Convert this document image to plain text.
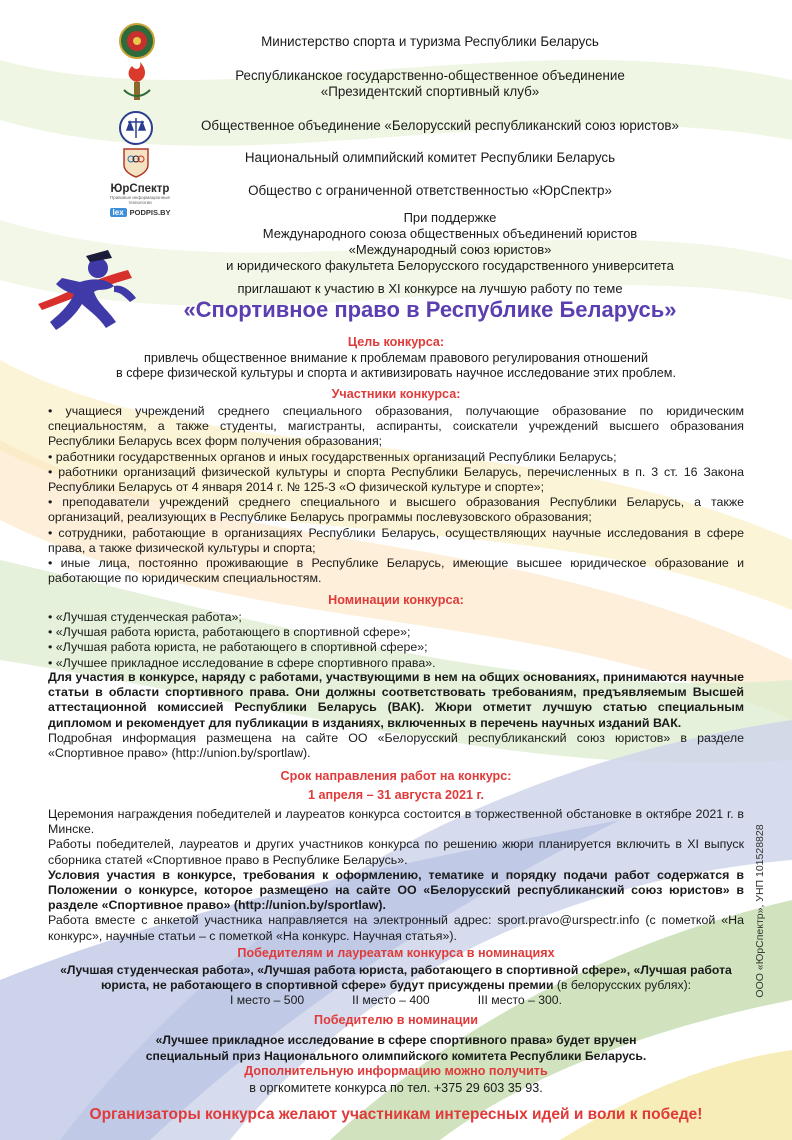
ЮрСпектр
Правовые информационные технологии
lex PODPIS.BY
Министерство спорта и туризма Республики Беларусь
Республиканское государственно-общественное объединение
«Президентский спортивный клуб»
Общественное объединение «Белорусский республиканский союз юристов»
Национальный олимпийский комитет Республики Беларусь
Общество с ограниченной ответственностью «ЮрСпектр»
При поддержке
Международного союза общественных объединений юристов
«Международный союз юристов»
и юридического факультета Белорусского государственного университета
приглашают к участию в XI конкурсе на лучшую работу по теме
«Спортивное право в Республике Беларусь»
Цель конкурса:
привлечь общественное внимание к проблемам правового регулирования отношений
в сфере физической культуры и спорта и активизировать научное исследование этих проблем.
Участники конкурса:
• учащиеся учреждений среднего специального образования, получающие образование по юридическим специальностям, а также студенты, магистранты, аспиранты, соискатели учреждений высшего образования Республики Беларусь всех форм получения образования;
• работники государственных органов и иных государственных организаций Республики Беларусь;
• работники организаций физической культуры и спорта Республики Беларусь, перечисленных в п. 3 ст. 16 Закона Республики Беларусь от 4 января 2014 г. № 125-З «О физической культуре и спорте»;
• преподаватели учреждений среднего специального и высшего образования Республики Беларусь, а также организаций, реализующих в Республике Беларусь программы послевузовского образования;
• сотрудники, работающие в организациях Республики Беларусь, осуществляющих научные исследования в сфере права, а также физической культуры и спорта;
• иные лица, постоянно проживающие в Республике Беларусь, имеющие высшее юридическое образование и работающие по юридическим специальностям.
Номинации конкурса:
• «Лучшая студенческая работа»;
• «Лучшая работа юриста, работающего в спортивной сфере»;
• «Лучшая работа юриста, не работающего в спортивной сфере»;
• «Лучшее прикладное исследование в сфере спортивного права».
Для участия в конкурсе, наряду с работами, участвующими в нем на общих основаниях, принимаются научные статьи в области спортивного права. Они должны соответствовать требованиям, предъявляемым Высшей аттестационной комиссией Республики Беларусь (ВАК). Жюри отметит лучшую статью специальным дипломом и рекомендует для публикации в изданиях, включенных в перечень научных изданий ВАК.
Подробная информация размещена на сайте ОО «Белорусский республиканский союз юристов» в разделе «Спортивное право» (http://union.by/sportlaw).
Срок направления работ на конкурс:
1 апреля – 31 августа 2021 г.
Церемония награждения победителей и лауреатов конкурса состоится в торжественной обстановке в октябре 2021 г. в Минске.
Работы победителей, лауреатов и других участников конкурса по решению жюри планируется включить в XI выпуск сборника статей «Спортивное право в Республике Беларусь».
Условия участия в конкурсе, требования к оформлению, тематике и порядку подачи работ содержатся в Положении о конкурсе, которое размещено на сайте ОО «Белорусский республиканский союз юристов» в разделе «Спортивное право» (http://union.by/sportlaw).
Работа вместе с анкетой участника направляется на электронный адрес: sport.pravo@urspectr.info (с пометкой «На конкурс», научные статьи – с пометкой «На конкурс. Научная статья»).
Победителям и лауреатам конкурса в номинациях
«Лучшая студенческая работа», «Лучшая работа юриста, работающего в спортивной сфере», «Лучшая работа
юриста, не работающего в спортивной сфере» будут присуждены премии (в белорусских рублях):
I место – 500	II место – 400	III место – 300.
Победителю в номинации
«Лучшее прикладное исследование в сфере спортивного права» будет вручен
специальный приз Национального олимпийского комитета Республики Беларусь.
Дополнительную информацию можно получить
в оргкомитете конкурса по тел. +375 29 603 35 93.
Организаторы конкурса желают участникам интересных идей и воли к победе!
ООО «ЮрСпектр», УНП 101528828
